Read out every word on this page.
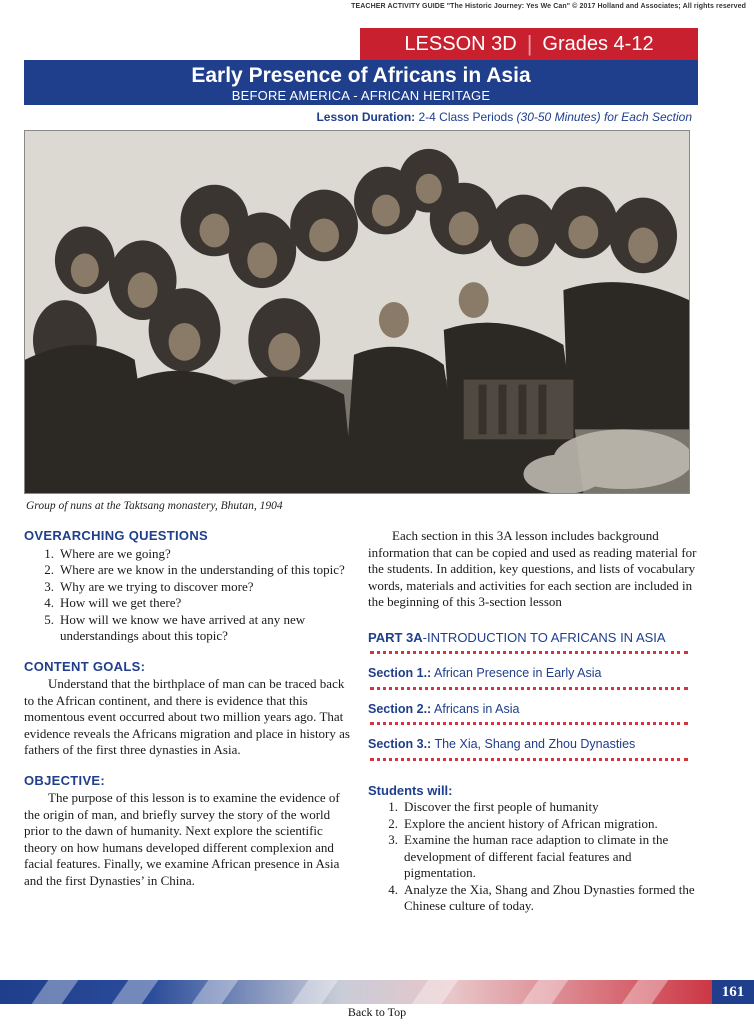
TEACHER ACTIVITY GUIDE "The Historic Journey: Yes We Can" © 2017 Holland and Associates; All rights reserved
LESSON 3D | Grades 4-12
Early Presence of Africans in Asia
BEFORE AMERICA - AFRICAN HERITAGE
Lesson Duration: 2-4 Class Periods (30-50 Minutes) for Each Section
Group of nuns at the Taktsang monastery, Bhutan, 1904
OVERARCHING QUESTIONS
1. Where are we going?
2. Where are we know in the understanding of this topic?
3. Why are we trying to discover more?
4. How will we get there?
5. How will we know we have arrived at any new understandings about this topic?
CONTENT GOALS:

Understand that the birthplace of man can be traced back to the African continent, and there is evidence that this momentous event occurred about two million years ago. That evidence reveals the Africans migration and place in history as fathers of the first three dynasties in Asia.

OBJECTIVE:

The purpose of this lesson is to examine the evidence of the origin of man, and briefly survey the story of the world prior to the dawn of humanity. Next explore the scientific theory on how humans developed different complexion and facial features. Finally, we examine African presence in Asia and the first Dynasties’ in China.

Each section in this 3A lesson includes background information that can be copied and used as reading material for the students. In addition, key questions, and lists of vocabulary words, materials and activities for each section are included in the beginning of this 3-section lesson

PART 3A-INTRODUCTION TO AFRICANS IN ASIA
Section 1.: African Presence in Early Asia
Section 2.: Africans in Asia
Section 3.: The Xia, Shang and Zhou Dynasties
Students will:
1. Discover the first people of humanity
2. Explore the ancient history of African migration.
3. Examine the human race adaption to climate in the development of different facial features and pigmentation.
4. Analyze the Xia, Shang and Zhou Dynasties formed the Chinese culture of today.
161
Back to Top
